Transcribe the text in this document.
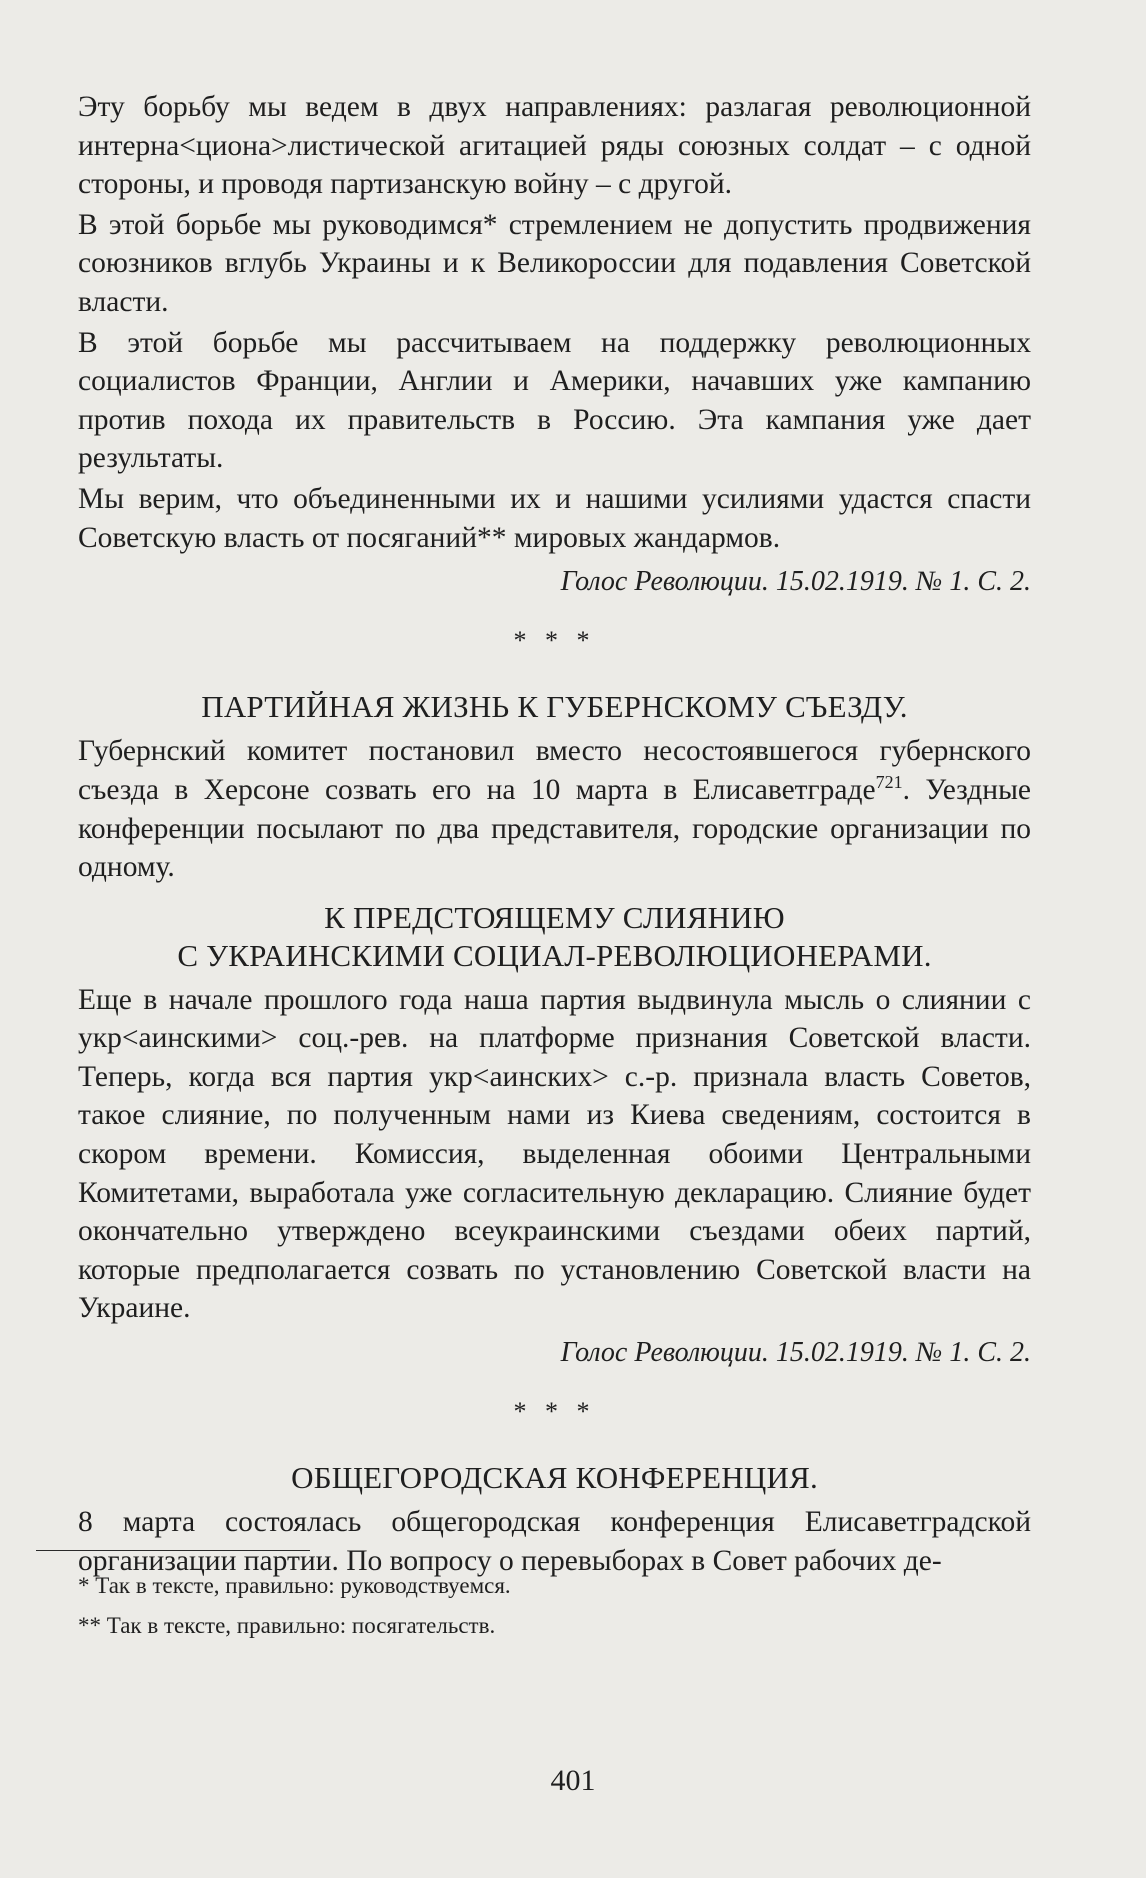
Эту борьбу мы ведем в двух направлениях: разлагая революционной интерна<циона>листической агитацией ряды союзных солдат – с одной стороны, и проводя партизанскую войну – с другой.

В этой борьбе мы руководимся* стремлением не допустить продвижения союзников вглубь Украины и к Великороссии для подавления Советской власти.

В этой борьбе мы рассчитываем на поддержку революционных социалистов Франции, Англии и Америки, начавших уже кампанию против похода их правительств в Россию. Эта кампания уже дает результаты.

Мы верим, что объединенными их и нашими усилиями удастся спасти Советскую власть от посяганий** мировых жандармов.

Голос Революции. 15.02.1919. № 1. С. 2.
* * *
ПАРТИЙНАЯ ЖИЗНЬ К ГУБЕРНСКОМУ СЪЕЗДУ.

Губернский комитет постановил вместо несостоявшегося губернского съезда в Херсоне созвать его на 10 марта в Елисаветграде$^{721}$. Уездные конференции посылают по два представителя, городские организации по одному.

К ПРЕДСТОЯЩЕМУ СЛИЯНИЮ
С УКРАИНСКИМИ СОЦИАЛ-РЕВОЛЮЦИОНЕРАМИ.

Еще в начале прошлого года наша партия выдвинула мысль о слиянии с укр<аинскими> соц.-рев. на платформе признания Советской власти. Теперь, когда вся партия укр<аинских> с.-р. признала власть Советов, такое слияние, по полученным нами из Киева сведениям, состоится в скором времени. Комиссия, выделенная обоими Центральными Комитетами, выработала уже согласительную декларацию. Слияние будет окончательно утверждено всеукраинскими съездами обеих партий, которые предполагается созвать по установлению Советской власти на Украине.

Голос Революции. 15.02.1919. № 1. С. 2.
* * *
ОБЩЕГОРОДСКАЯ КОНФЕРЕНЦИЯ.

8 марта состоялась общегородская конференция Елисаветградской организации партии. По вопросу о перевыборах в Совет рабочих де-

* Так в тексте, правильно: руководствуемся.
** Так в тексте, правильно: посягательств.
401
